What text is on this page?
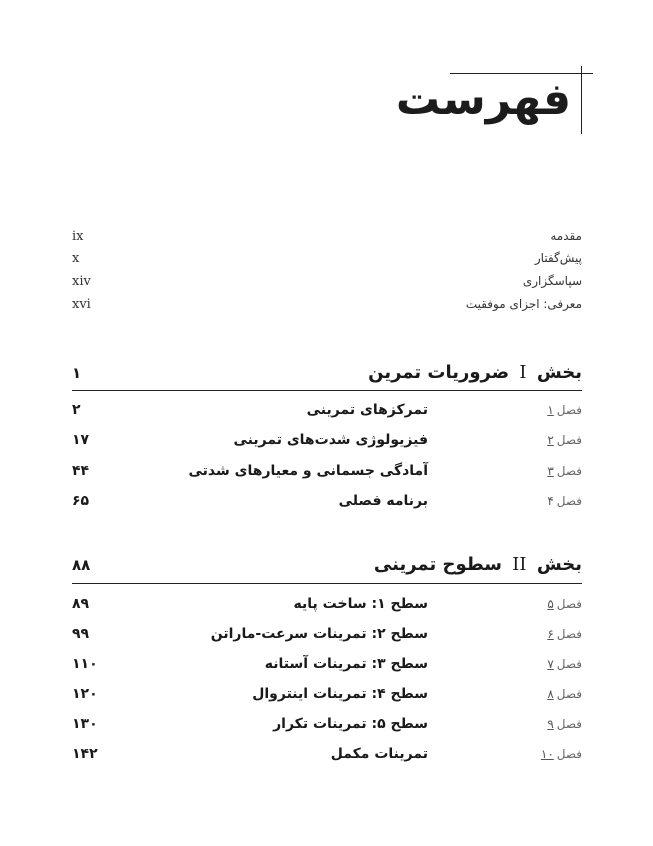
فهرست
مقدمه
ix
پیش‌گفتار
x
سپاسگزاری
xiv
معرفی: اجزای موفقیت
xvi
بخش I ضروریات تمرین
۱
فصل۱
تمرکزهای تمرینی
۲
فصل۲
فیزیولوژی شدت‌های تمرینی
۱۷
فصل۳
آمادگی جسمانی و معیارهای شدتی
۴۴
فصل۴
برنامه فصلی
۶۵
بخش II سطوح تمرینی
۸۸
فصل۵
سطح ۱: ساخت پایه
۸۹
فصل۶
سطح ۲: تمرینات سرعت-ماراتن
۹۹
فصل۷
سطح ۳: تمرینات آستانه
۱۱۰
فصل۸
سطح ۴: تمرینات اینتروال
۱۲۰
فصل۹
سطح ۵: تمرینات تکرار
۱۳۰
فصل۱۰
تمرینات مکمل
۱۴۲
